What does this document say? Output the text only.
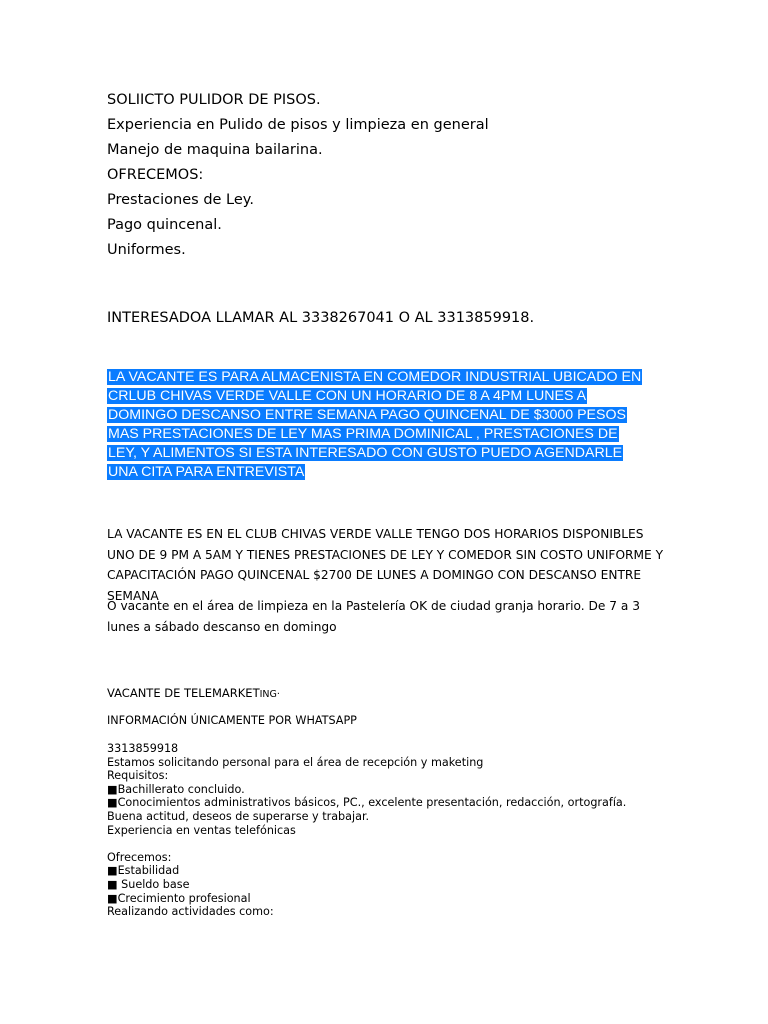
SOLIICTO PULIDOR DE PISOS.
Experiencia en Pulido de pisos y limpieza en general
Manejo de maquina bailarina.
OFRECEMOS:
Prestaciones de Ley.
Pago quincenal.
Uniformes.
INTERESADOA LLAMAR AL 3338267041 O AL 3313859918.
LA VACANTE ES PARA ALMACENISTA EN COMEDOR INDUSTRIAL UBICADO EN CRLUB CHIVAS VERDE VALLE CON UN HORARIO DE 8 A 4PM LUNES A DOMINGO DESCANSO ENTRE SEMANA PAGO QUINCENAL DE $3000 PESOS MAS PRESTACIONES DE LEY MAS PRIMA DOMINICAL , PRESTACIONES DE LEY, Y ALIMENTOS SI ESTA INTERESADO CON GUSTO PUEDO AGENDARLE UNA CITA PARA ENTREVISTA
LA VACANTE ES EN EL CLUB CHIVAS VERDE VALLE TENGO DOS HORARIOS DISPONIBLES UNO DE 9 PM A 5AM Y TIENES PRESTACIONES DE LEY Y COMEDOR SIN COSTO UNIFORME Y CAPACITACIÓN PAGO QUINCENAL $2700 DE LUNES A DOMINGO CON DESCANSO ENTRE SEMANA
O vacante en el área de limpieza en la Pastelería OK de ciudad granja horario. De 7 a 3 lunes a sábado descanso en domingo
VACANTE DE TELEMARKETING·
INFORMACIÓN ÚNICAMENTE POR WHATSAPP
3313859918
Estamos solicitando personal para el área de recepción y maketing
Requisitos:
■Bachillerato concluido.
■Conocimientos administrativos básicos, PC., excelente presentación, redacción, ortografía.
Buena actitud, deseos de superarse y trabajar.
Experiencia en ventas telefónicas
Ofrecemos:
■Estabilidad
■ Sueldo base
■Crecimiento profesional
Realizando actividades como:
